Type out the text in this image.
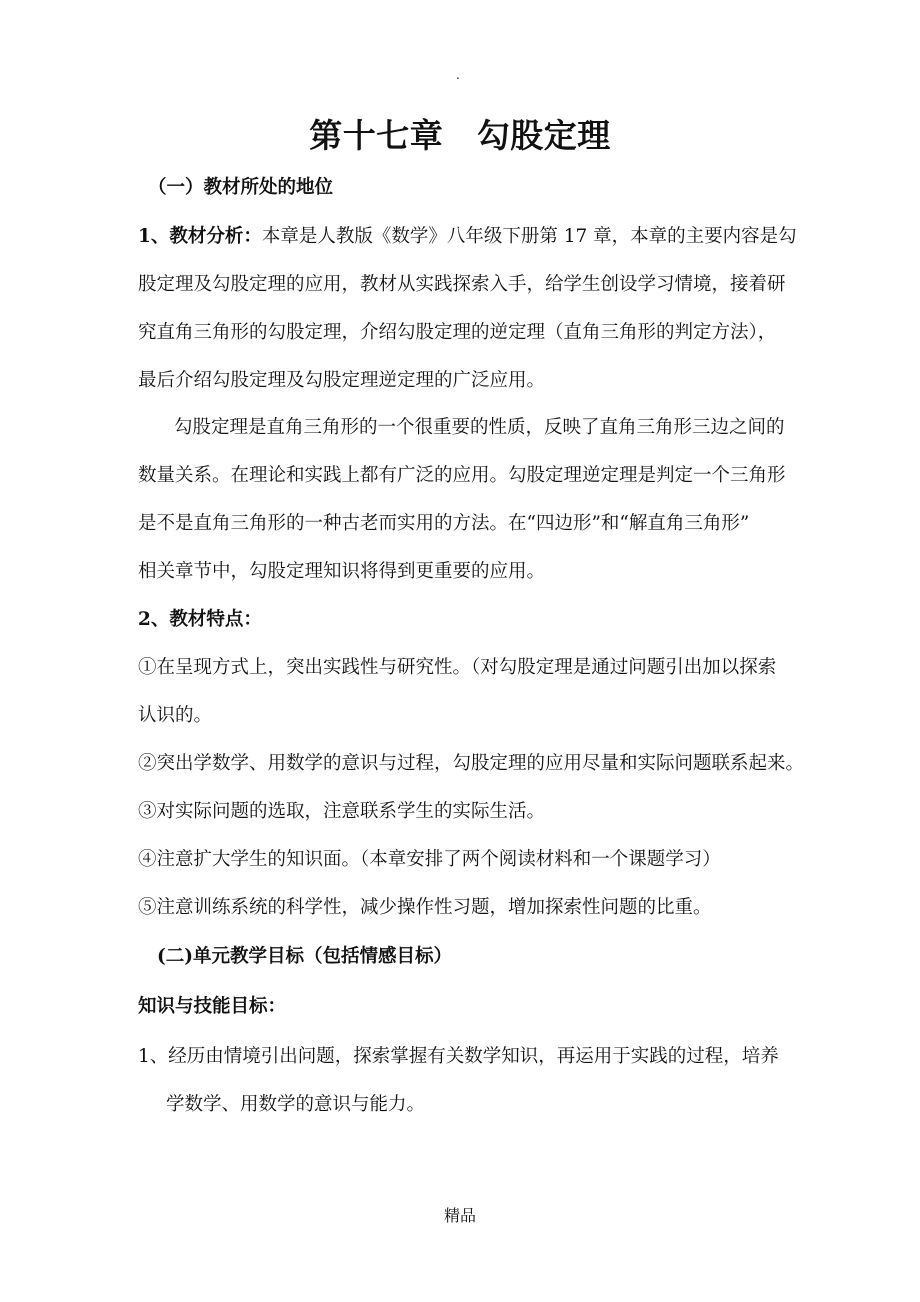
.
第十七章　勾股定理
（一）教材所处的地位
1、教材分析：本章是人教版《数学》八年级下册第 17 章，本章的主要内容是勾
股定理及勾股定理的应用，教材从实践探索入手，给学生创设学习情境，接着研
究直角三角形的勾股定理，介绍勾股定理的逆定理（直角三角形的判定方法），
最后介绍勾股定理及勾股定理逆定理的广泛应用。
勾股定理是直角三角形的一个很重要的性质，反映了直角三角形三边之间的
数量关系。在理论和实践上都有广泛的应用。勾股定理逆定理是判定一个三角形
是不是直角三角形的一种古老而实用的方法。在“四边形”和“解直角三角形”
相关章节中，勾股定理知识将得到更重要的应用。
2、教材特点：
①在呈现方式上，突出实践性与研究性。（对勾股定理是通过问题引出加以探索
认识的。
②突出学数学、用数学的意识与过程，勾股定理的应用尽量和实际问题联系起来。
③对实际问题的选取，注意联系学生的实际生活。
④注意扩大学生的知识面。（本章安排了两个阅读材料和一个课题学习）
⑤注意训练系统的科学性，减少操作性习题，增加探索性问题的比重。
(二)单元教学目标（包括情感目标）
知识与技能目标：
1、经历由情境引出问题，探索掌握有关数学知识，再运用于实践的过程，培养
学数学、用数学的意识与能力。
精品
